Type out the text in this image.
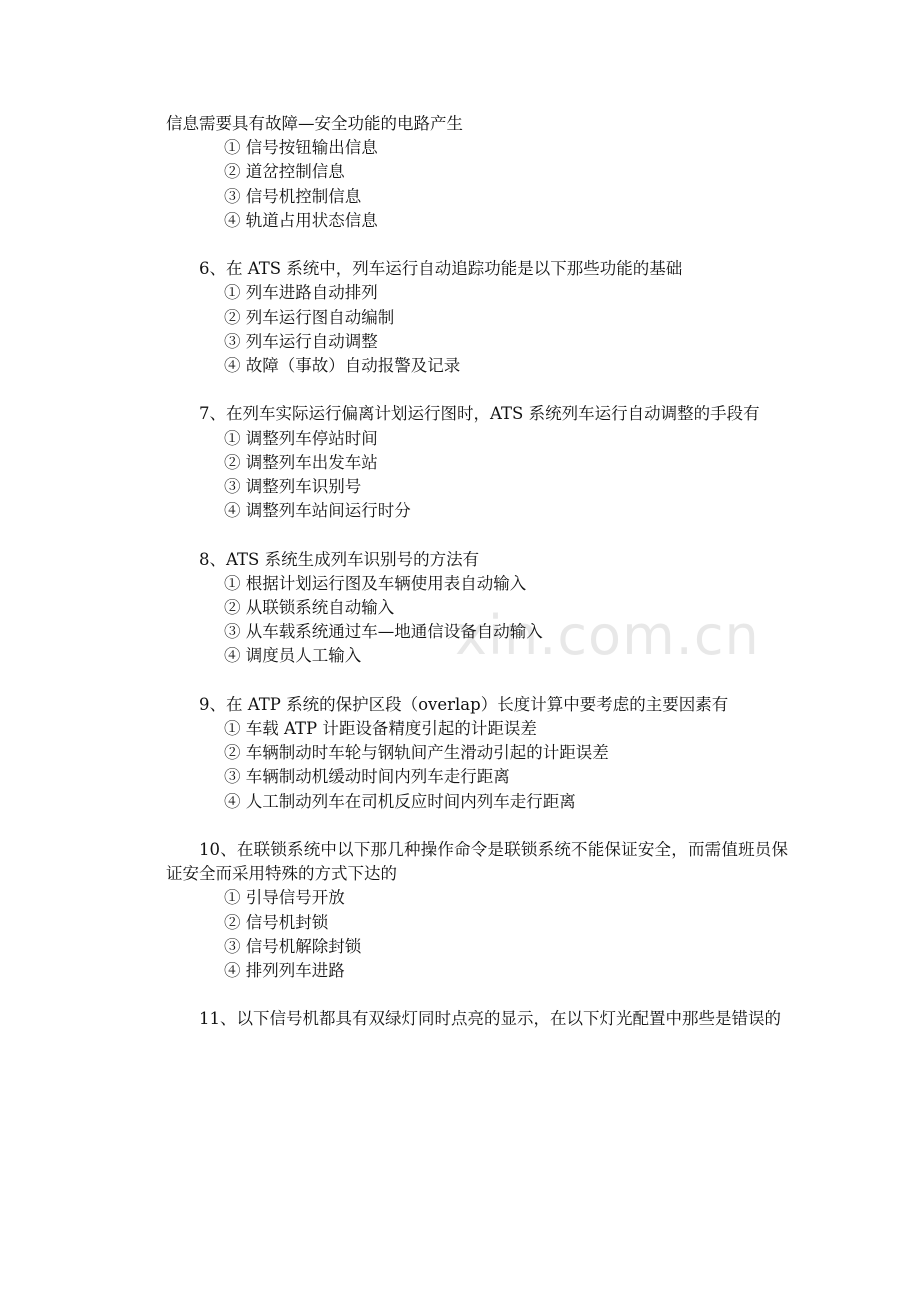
信息需要具有故障—安全功能的电路产生

① 信号按钮输出信息
② 道岔控制信息
③ 信号机控制信息
④ 轨道占用状态信息

6、在 ATS 系统中，列车运行自动追踪功能是以下那些功能的基础

① 列车进路自动排列
② 列车运行图自动编制
③ 列车运行自动调整
④ 故障（事故）自动报警及记录

7、在列车实际运行偏离计划运行图时，ATS 系统列车运行自动调整的手段有

① 调整列车停站时间
② 调整列车出发车站
③ 调整列车识别号
④ 调整列车站间运行时分

8、ATS 系统生成列车识别号的方法有

① 根据计划运行图及车辆使用表自动输入
② 从联锁系统自动输入
③ 从车载系统通过车—地通信设备自动输入
④ 调度员人工输入

9、在 ATP 系统的保护区段（overlap）长度计算中要考虑的主要因素有

① 车载 ATP 计距设备精度引起的计距误差
② 车辆制动时车轮与钢轨间产生滑动引起的计距误差
③ 车辆制动机缓动时间内列车走行距离
④ 人工制动列车在司机反应时间内列车走行距离

10、在联锁系统中以下那几种操作命令是联锁系统不能保证安全，而需值班员保证安全而采用特殊的方式下达的

① 引导信号开放
② 信号机封锁
③ 信号机解除封锁
④ 排列列车进路

11、以下信号机都具有双绿灯同时点亮的显示，在以下灯光配置中那些是错误的

xin.com.cn
